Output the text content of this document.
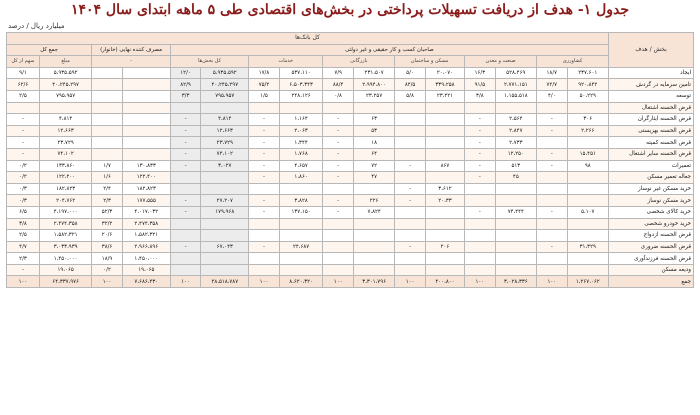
جدول ۱- هدف از دریافت تسهیلات پرداختی در بخش‌های اقتصادی طی ۵ ماهه ابتدای سال ۱۴۰۴
میلیارد ریال / درصد
بخش / هدف	کل بانک‌ها															
	صاحبان کسب و کار حقیقی و غیر دولتی												مصرف کننده نهایی (خانوار)		جمع کل	
	کشاورزی		صنعت و معدن		مسکن و ساختمان		بازرگانی		خدمات		کل بخش‌ها		-		مبلغ	سهم از کل
ایجاد	۲۳۷،۶۰۱	۱۸/۷	۵۲۸،۴۶۹	۱۶/۳	۲۰،۰۷۰	۵/۰	۲۳۱،۵۰۷	۷/۹	۵۳۷،۱۱۰	۱۷/۸	۵،۹۳۵،۵۹۲	۱۲/۰			۵،۹۳۵،۵۹۲	۹/۱
تامین سرمایه در گردش	۹۲۰،۸۴۲	۷۲/۷	۲،۷۷۱،۱۵۱	۹۱/۵	۳۳۹،۲۵۸	۸۴/۵	۲،۹۹۴،۸۰۰	۸۸/۴	۶،۵۰۳،۳۴۳	۷۵/۲	۴۰،۲۴۵،۲۹۷	۸۲/۹			۴۰،۲۴۵،۲۹۷	۶۲/۶
توسعه	۵۰،۲۲۹	۴/۰	۱،۱۵۵،۵۱۸	۳/۸	۲۳،۲۲۱	۵/۸	۲۳،۲۵۷	۰/۸	۲۴۸،۱۲۶	۱/۵	۷۹۵،۹۵۷	۳/۳			۷۹۵،۹۵۷	۲/۵
قرض الحسنه اشتغال																
قرض الحسنه ایثارگران	۳۰۶	-	۲،۵۶۴	-			۶۳	-	۱،۱۶۴	-	۴،۸۱۴	-			۴،۸۱۴	-
قرض الحسنه بهزیستی	۲،۲۶۶	-	۲،۸۴۷	-			۵۳	-	۲،۰۶۳	-	۱۲،۶۶۳	-			۱۲،۶۶۳	-
قرض الحسنه کمیته			۲،۷۳۳	-			۱۸	-	۱،۳۴۴	-	۲۳،۷۲۹	-			۲۳،۷۲۹	-
قرض الحسنه سایر اشتغال	۱۵،۴۵۱	-	۱۲،۲۵۰	-			۶۴	-	۱،۷۶۸	-	۷۴،۱۰۲	-			۷۴،۱۰۲	-
تعمیرات	۹۸	-	۵۱۳	-	۸۶۷	-	۷۲	-	۴،۶۵۷	-	۳،۰۲۷	-	۱۳۰،۸۳۳	۱/۷	۱۳۳،۸۶۰	۰/۲
جعاله تعمیر مسکن			۴۵	-			۴۷	-	۱،۸۶۰	-			۱۲۲،۴۰۰	۱/۶	۱۲۲،۴۰۰	۰/۲
خرید مسکن غیر نوساز					۳،۶۱۲	-							۱۸۲،۸۲۳	۲/۴	۱۸۲،۸۲۳	۰/۳
خرید مسکن نوساز					۲۰،۳۳	-	۲۲۶	-	۳،۸۲۸	-	۲۷،۲۰۷	-	۱۷۷،۵۵۵	۲/۳	۲۰۴،۷۶۲	۰/۳
خرید کالای شخصی	۵،۱۰۷	-	۷۴،۴۴۴	-			۷،۸۲۴	-	۱۳۷،۱۵۰	-	۱۷۹،۹۶۸	-	۴،۰۱۷،۰۳۲	۵۲/۳	۴،۱۹۷،۰۰۰	۶/۵
خرید خودرو شخصی													۲،۴۷۴،۳۵۸	۳۲/۲	۲،۴۷۴،۳۵۸	۳/۸
قرض الحسنه ازدواج													۱،۵۸۲،۳۲۱	۲۰/۶	۱،۵۸۲،۳۲۱	۲/۵
قرض الحسنه ضروری	۳۱،۳۲۹	-			۲۰۶	-			۲۴،۶۸۷	-	۶۷،۰۴۳	-	۲،۹۶۶،۸۹۶	۳۸/۶	۳،۰۳۳،۹۳۹	۴/۷
قرض الحسنه فرزندآوری													۱،۴۵۰،۰۰۰	۱۸/۹	۱،۴۵۰،۰۰۰	۲/۳
ودیعه مسکن													۱۹،۰۶۵	۰/۲	۱۹،۰۶۵	-
جمع	۱،۲۶۷،۰۶۲	۱۰۰	۳،۰۲۸،۳۳۶	۱۰۰	۴۰۰،۸۰۰	۱۰۰	۳،۳۰۱،۷۹۶	۱۰۰	۸،۶۲۰،۳۲۰	۱۰۰	۴۸،۵۱۸،۷۸۷	۱۰۰	۷،۶۸۶،۴۳۰	۱۰۰	۶۴،۳۳۷،۹۷۶	۱۰۰
